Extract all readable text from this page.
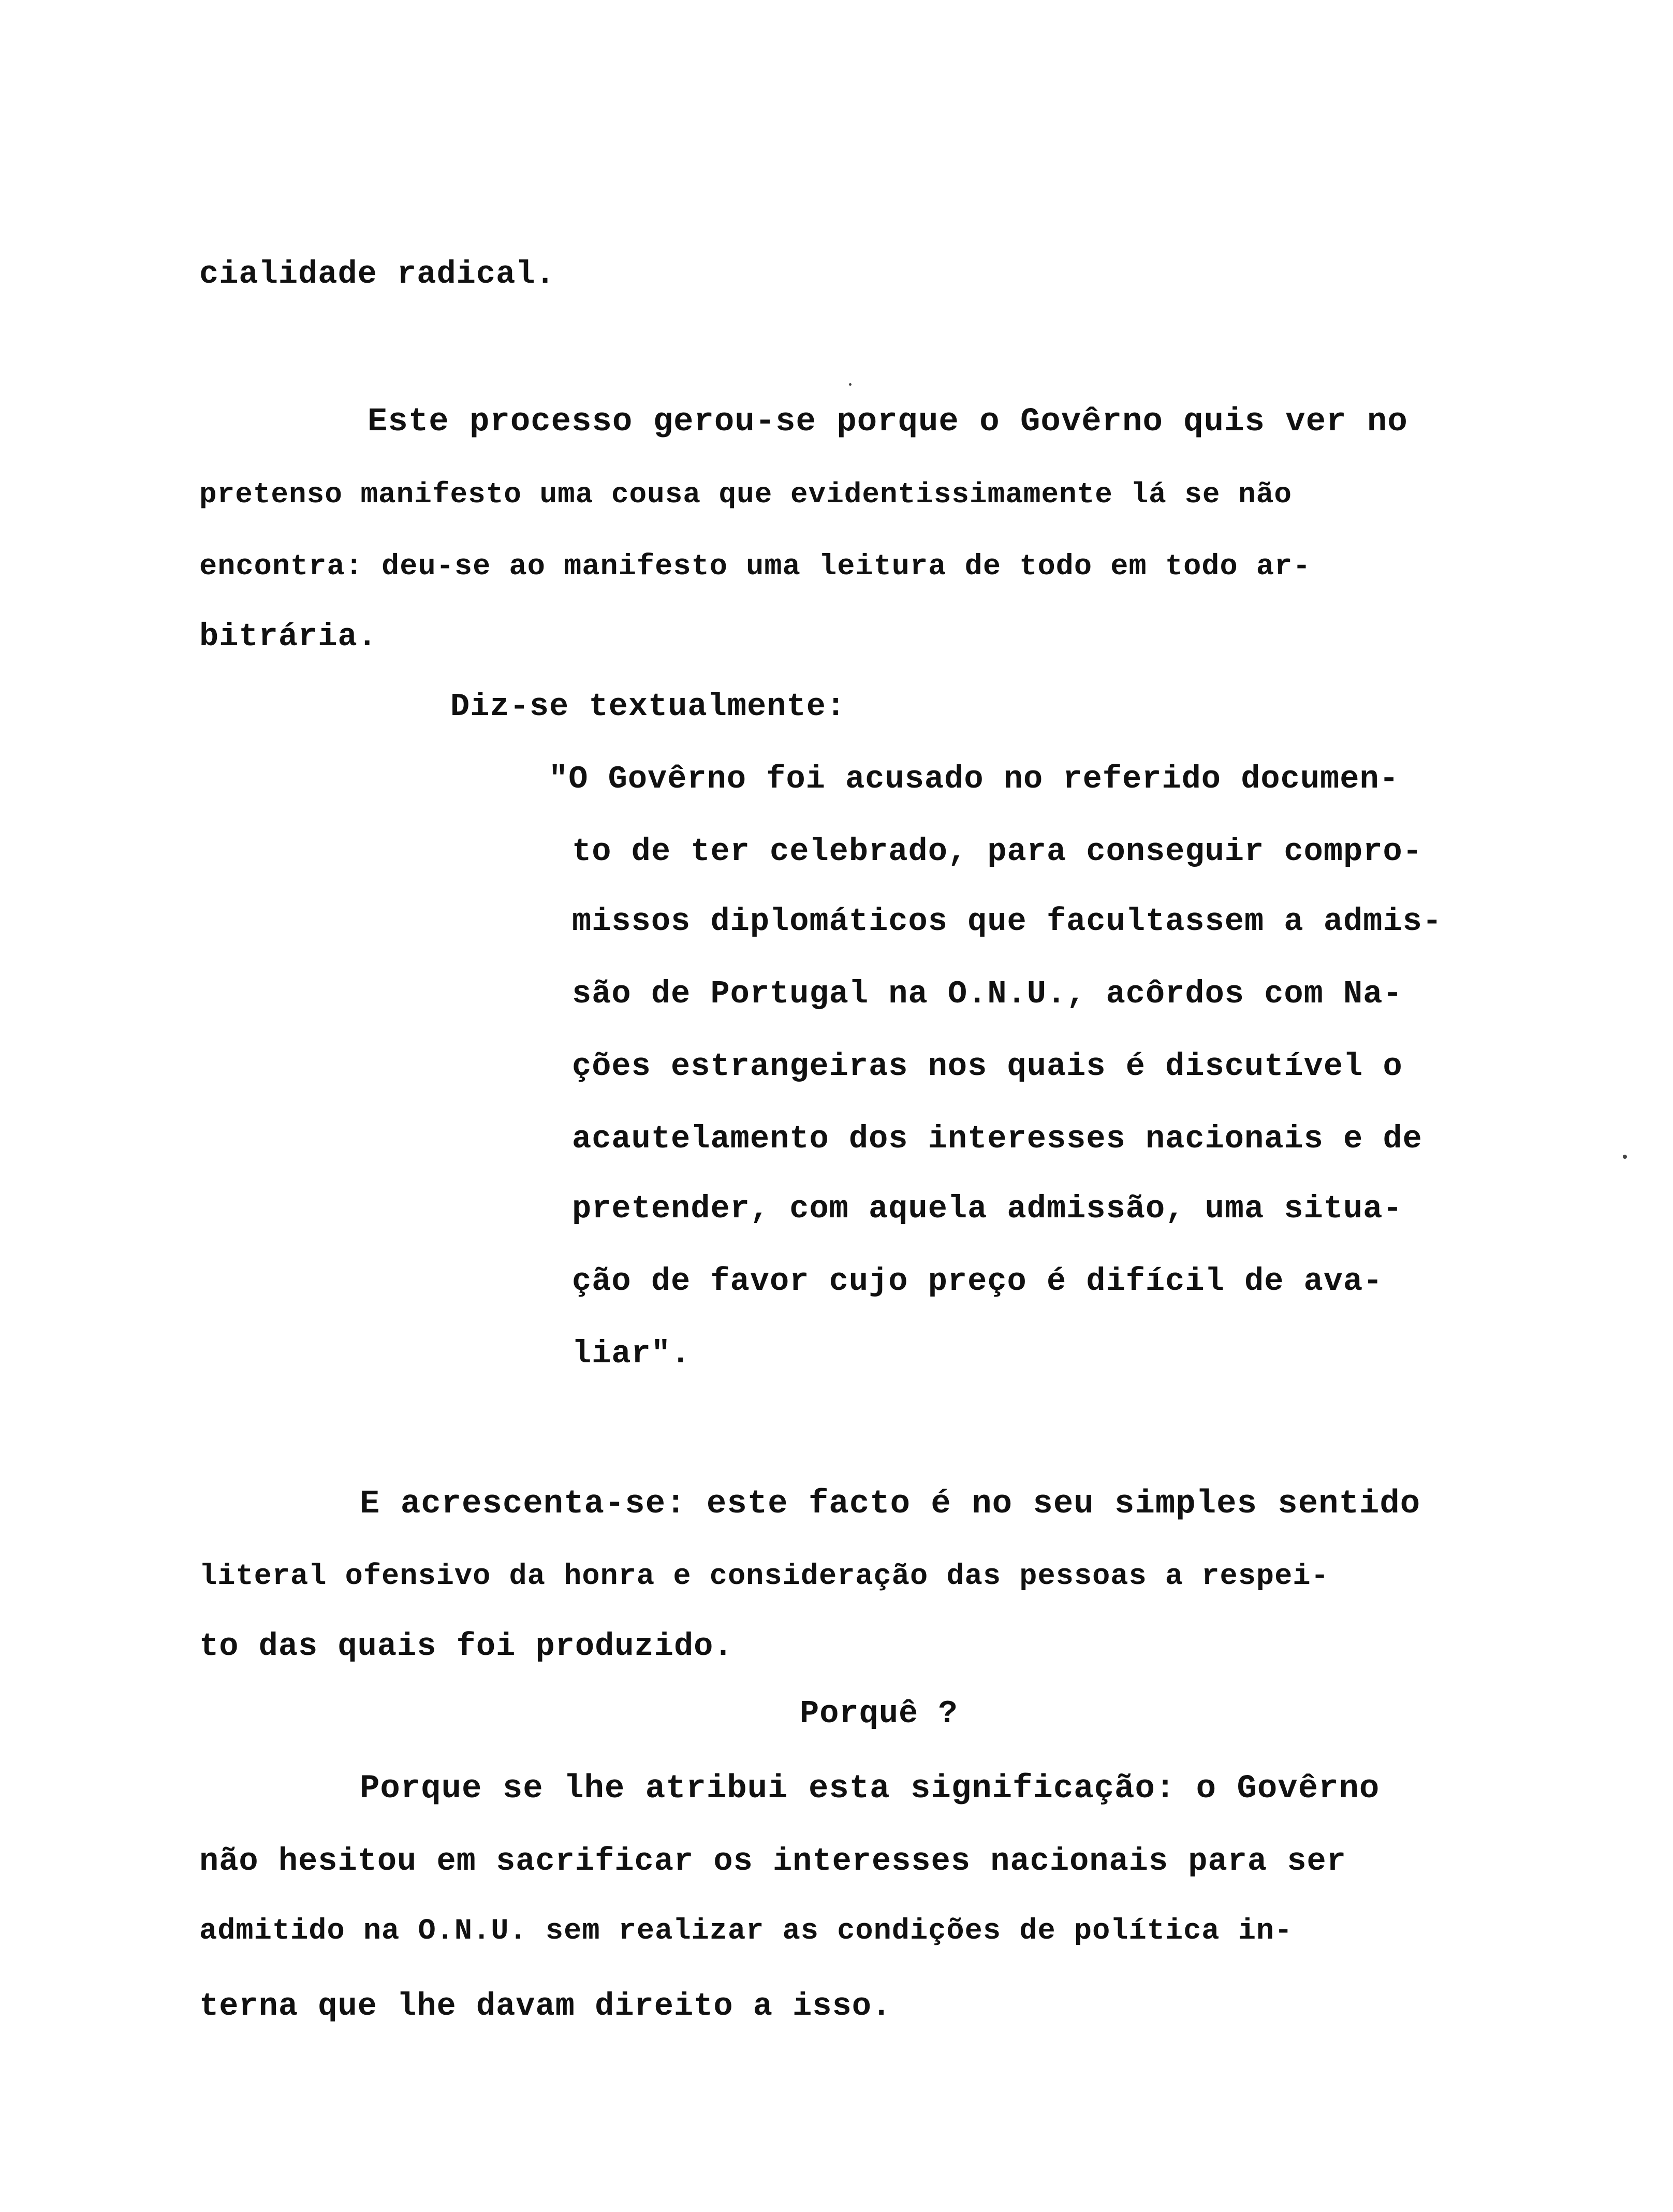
cialidade radical.
Este processo gerou-se porque o Govêrno quis ver no
pretenso manifesto uma cousa que evidentissimamente lá se não
encontra: deu-se ao manifesto uma leitura de todo em todo ar-
bitrária.
Diz-se textualmente:
"O Govêrno foi acusado no referido documen-
to de ter celebrado, para conseguir compro-
missos diplomáticos que facultassem a admis-
são de Portugal na O.N.U., acôrdos com Na-
ções estrangeiras nos quais é discutível o
acautelamento dos interesses nacionais e de
pretender, com aquela admissão, uma situa-
ção de favor cujo preço é difícil de ava-
liar".
E acrescenta-se: este facto é no seu simples sentido
literal ofensivo da honra e consideração das pessoas a respei-
to das quais foi produzido.
Porquê ?
Porque se lhe atribui esta significação: o Govêrno
não hesitou em sacrificar os interesses nacionais para ser
admitido na O.N.U. sem realizar as condições de política in-
terna que lhe davam direito a isso.
